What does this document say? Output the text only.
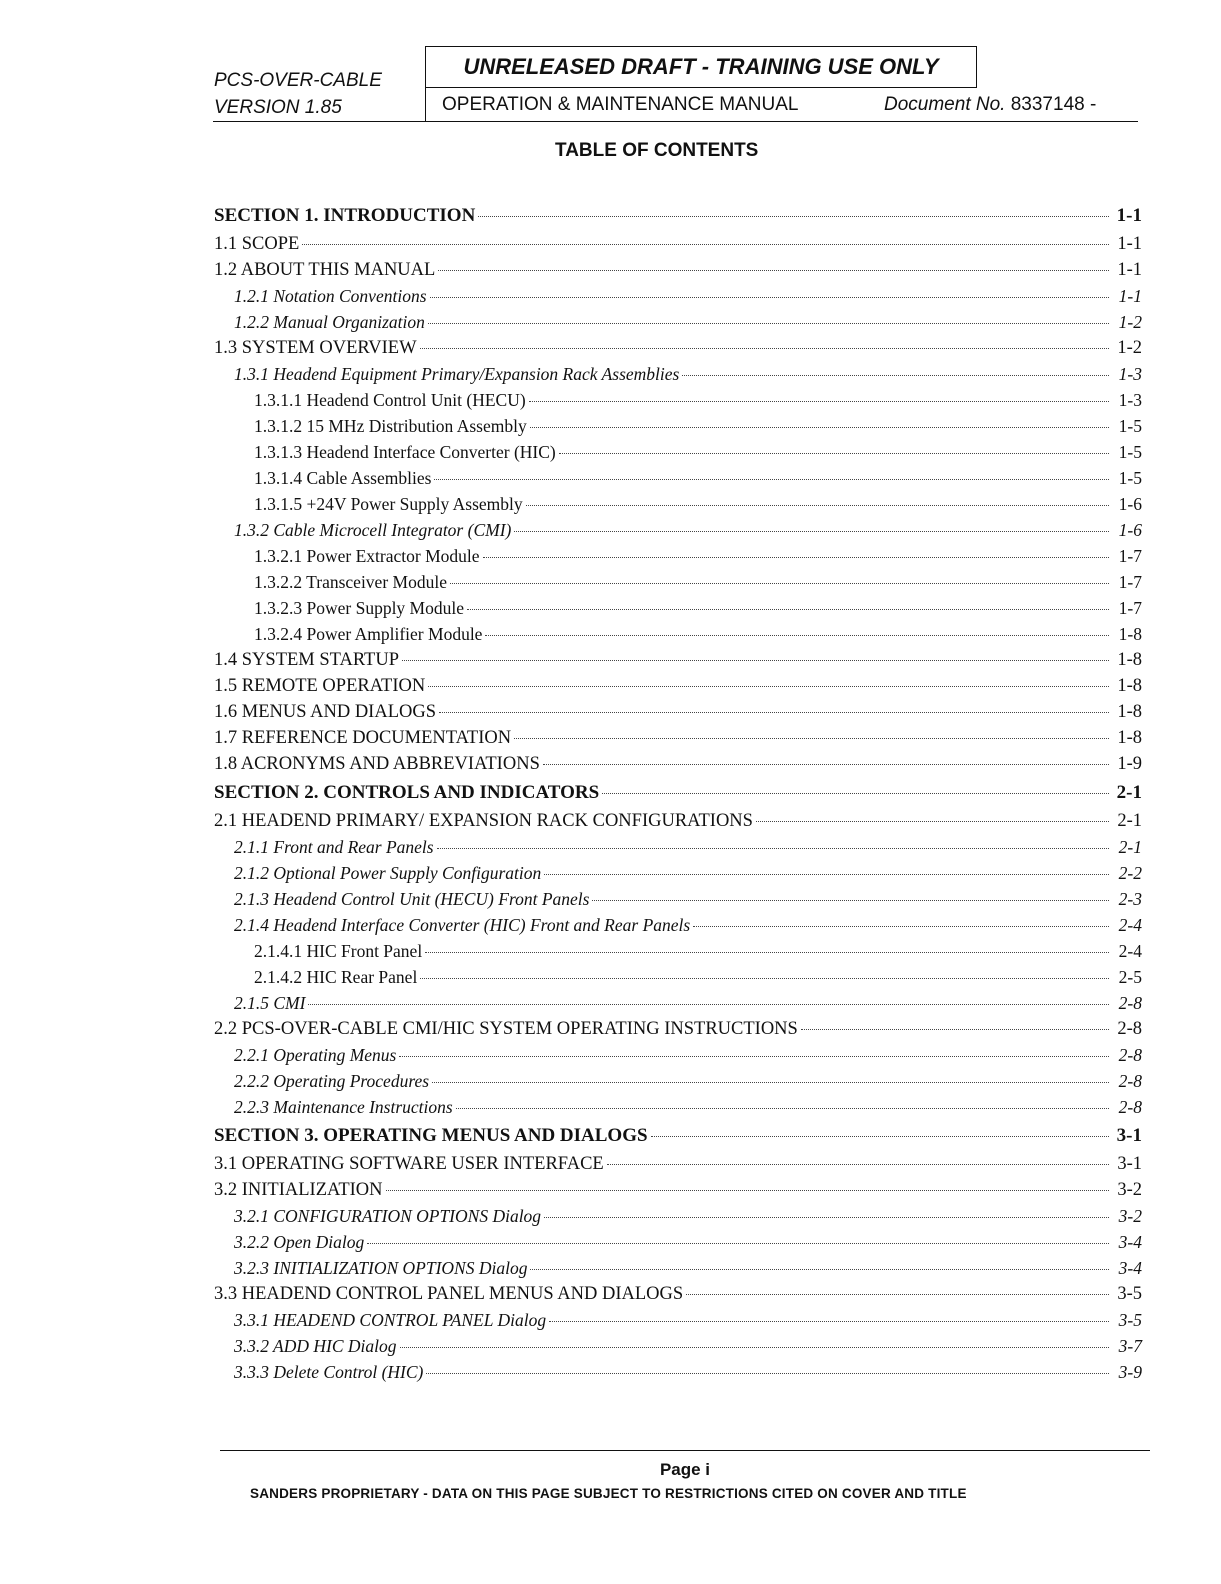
PCS-OVER-CABLE
VERSION 1.85
UNRELEASED DRAFT - TRAINING USE ONLY
OPERATION & MAINTENANCE MANUAL	Document No. 8337148 -
TABLE OF CONTENTS
SECTION 1. INTRODUCTION	1-1
1.1 SCOPE	1-1
1.2 ABOUT THIS MANUAL	1-1
1.2.1 Notation Conventions	1-1
1.2.2 Manual Organization	1-2
1.3 SYSTEM OVERVIEW	1-2
1.3.1 Headend Equipment Primary/Expansion Rack Assemblies	1-3
1.3.1.1 Headend Control Unit (HECU)	1-3
1.3.1.2 15 MHz Distribution Assembly	1-5
1.3.1.3 Headend Interface Converter (HIC)	1-5
1.3.1.4 Cable Assemblies	1-5
1.3.1.5 +24V Power Supply Assembly	1-6
1.3.2 Cable Microcell Integrator (CMI)	1-6
1.3.2.1 Power Extractor Module	1-7
1.3.2.2 Transceiver Module	1-7
1.3.2.3 Power Supply Module	1-7
1.3.2.4 Power Amplifier Module	1-8
1.4 SYSTEM STARTUP	1-8
1.5 REMOTE OPERATION	1-8
1.6 MENUS AND DIALOGS	1-8
1.7 REFERENCE DOCUMENTATION	1-8
1.8 ACRONYMS AND ABBREVIATIONS	1-9
SECTION 2. CONTROLS AND INDICATORS	2-1
2.1 HEADEND PRIMARY/ EXPANSION RACK CONFIGURATIONS	2-1
2.1.1 Front and Rear Panels	2-1
2.1.2 Optional Power Supply Configuration	2-2
2.1.3 Headend Control Unit (HECU) Front Panels	2-3
2.1.4 Headend Interface Converter (HIC) Front and Rear Panels	2-4
2.1.4.1 HIC Front Panel	2-4
2.1.4.2 HIC Rear Panel	2-5
2.1.5 CMI	2-8
2.2 PCS-OVER-CABLE CMI/HIC SYSTEM OPERATING INSTRUCTIONS	2-8
2.2.1 Operating Menus	2-8
2.2.2 Operating Procedures	2-8
2.2.3 Maintenance Instructions	2-8
SECTION 3. OPERATING MENUS AND DIALOGS	3-1
3.1 OPERATING SOFTWARE USER INTERFACE	3-1
3.2 INITIALIZATION	3-2
3.2.1 CONFIGURATION OPTIONS Dialog	3-2
3.2.2 Open Dialog	3-4
3.2.3 INITIALIZATION OPTIONS Dialog	3-4
3.3 HEADEND CONTROL PANEL MENUS AND DIALOGS	3-5
3.3.1 HEADEND CONTROL PANEL Dialog	3-5
3.3.2 ADD HIC Dialog	3-7
3.3.3 Delete Control (HIC)	3-9
Page i
SANDERS PROPRIETARY - DATA ON THIS PAGE SUBJECT TO RESTRICTIONS CITED ON COVER AND TITLE
